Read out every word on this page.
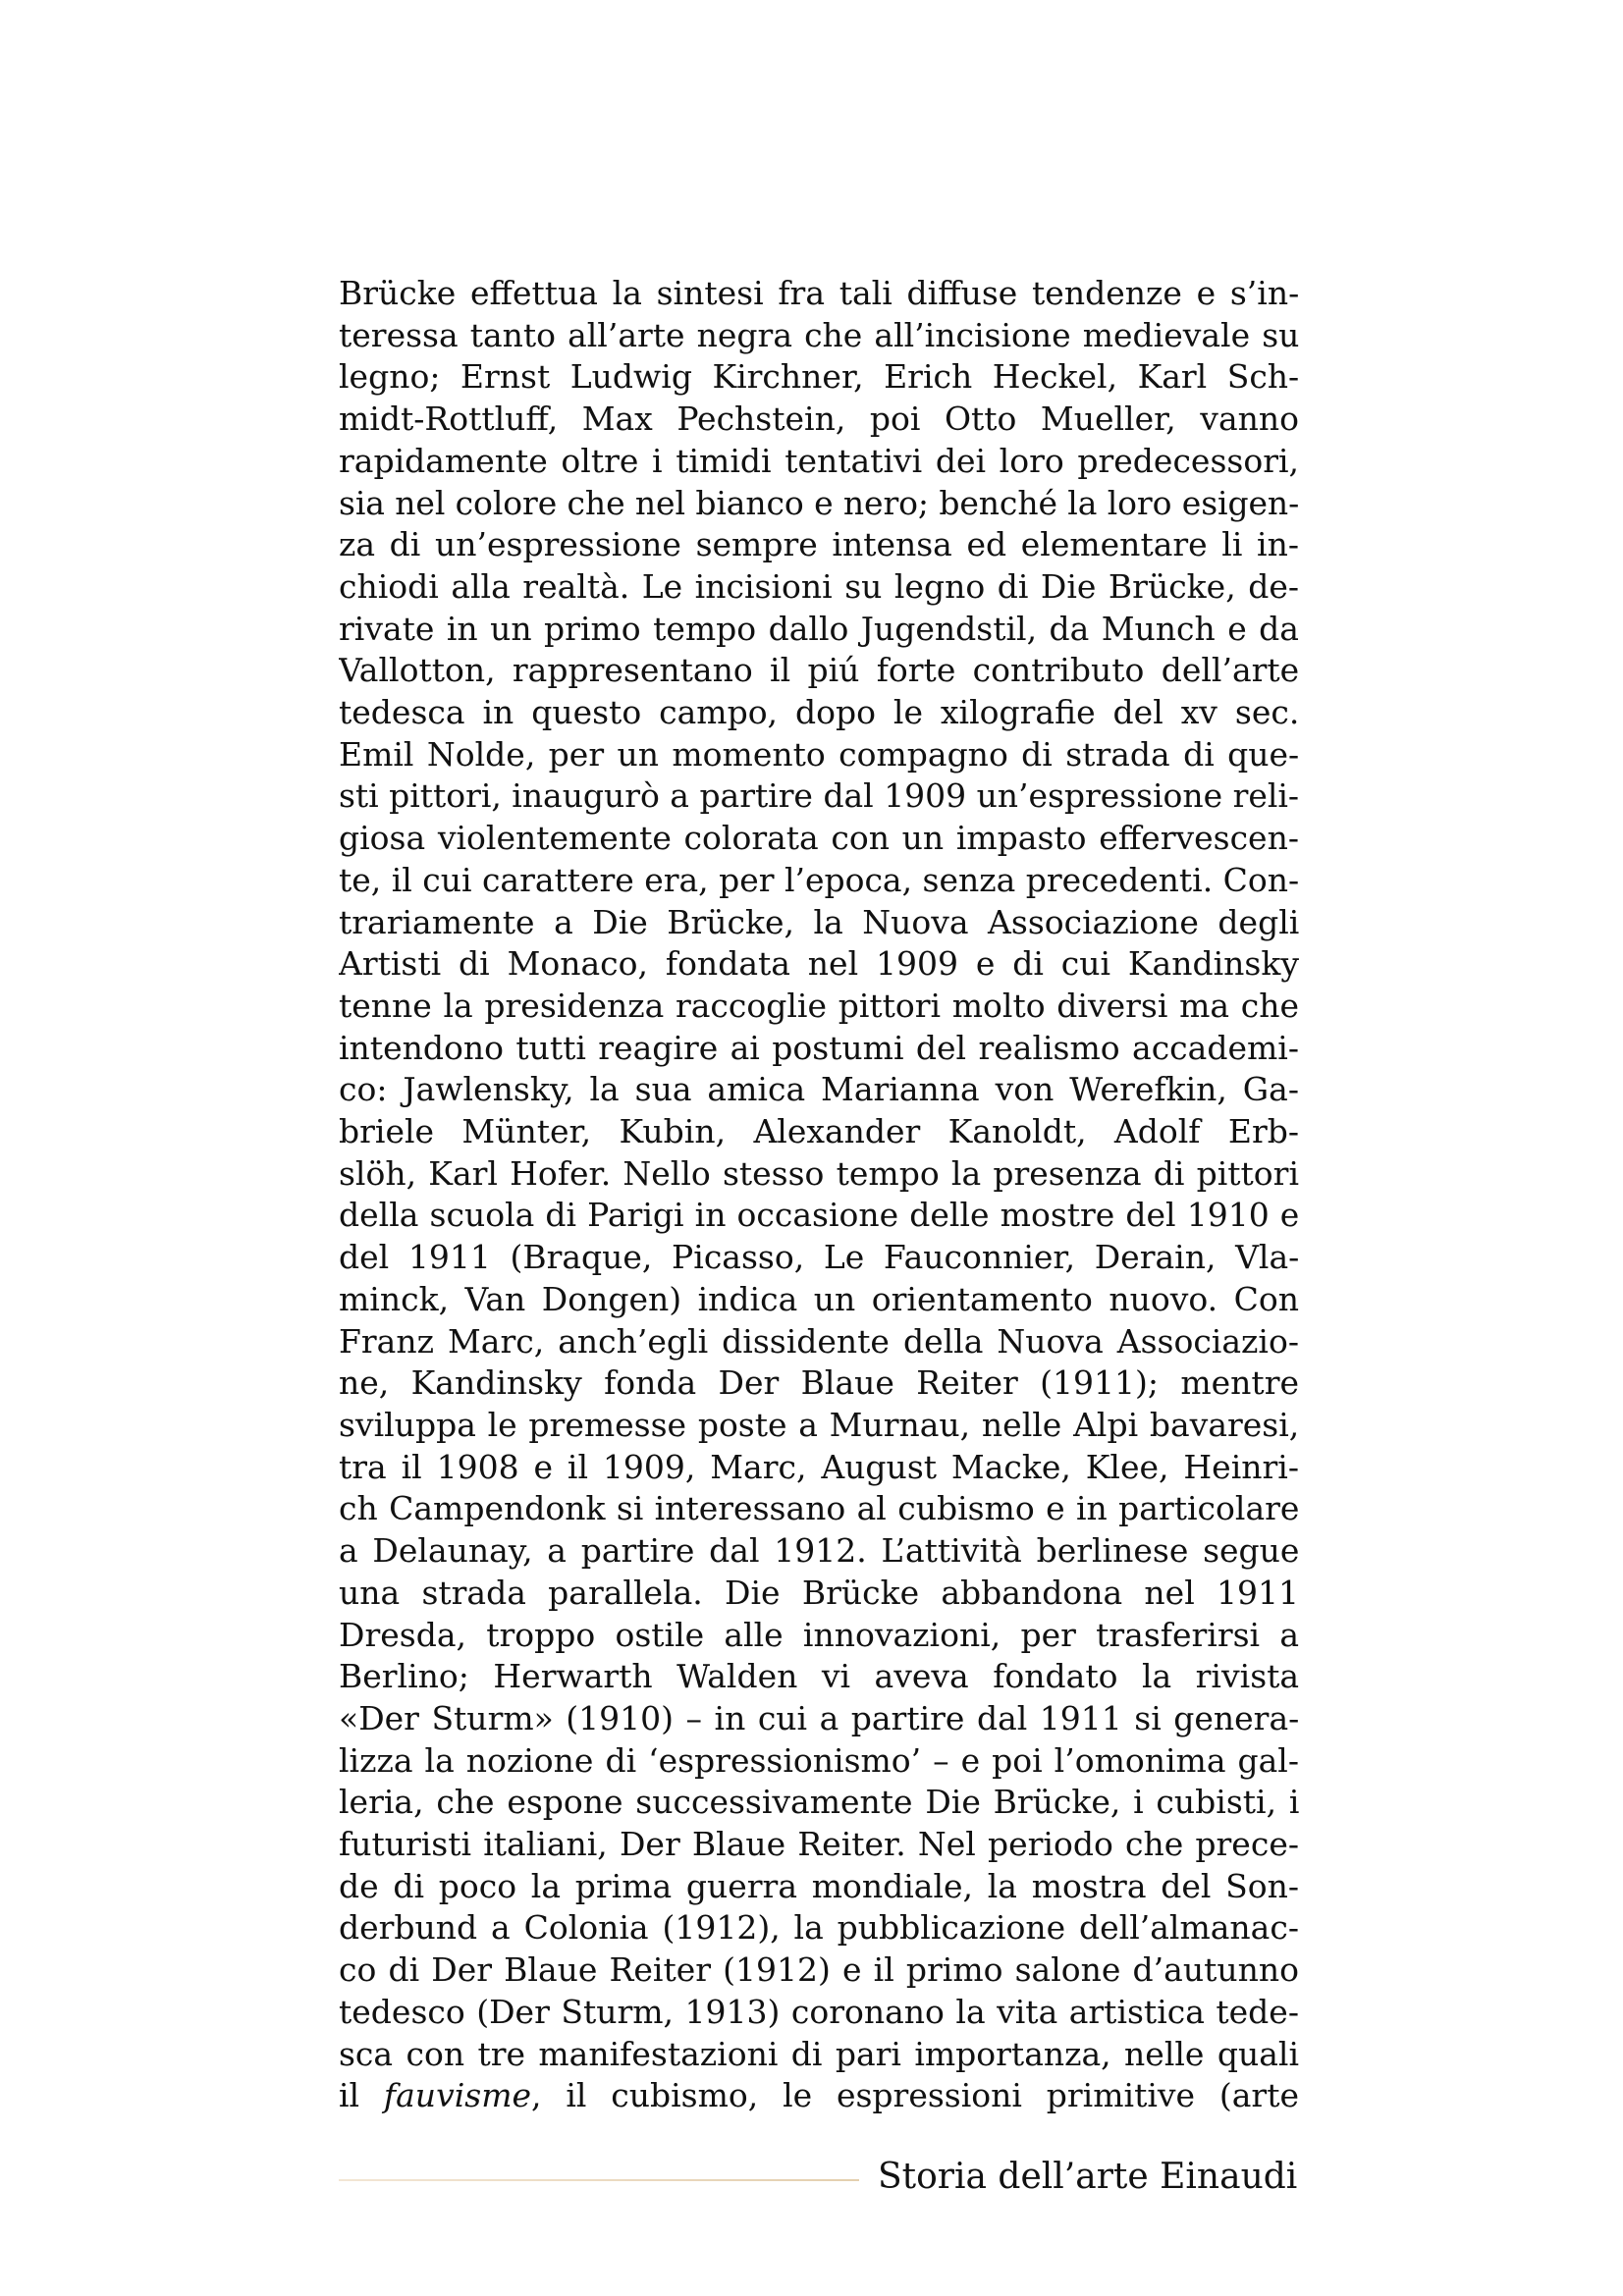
Brücke effettua la sintesi fra tali diffuse tendenze e s’in-
teressa tanto all’arte negra che all’incisione medievale su
legno; Ernst Ludwig Kirchner, Erich Heckel, Karl Sch-
midt-Rottluff, Max Pechstein, poi Otto Mueller, vanno
rapidamente oltre i timidi tentativi dei loro predecessori,
sia nel colore che nel bianco e nero; benché la loro esigen-
za di un’espressione sempre intensa ed elementare li in-
chiodi alla realtà. Le incisioni su legno di Die Brücke, de-
rivate in un primo tempo dallo Jugendstil, da Munch e da
Vallotton, rappresentano il piú forte contributo dell’arte
tedesca in questo campo, dopo le xilografie del xv sec.
Emil Nolde, per un momento compagno di strada di que-
sti pittori, inaugurò a partire dal 1909 un’espressione reli-
giosa violentemente colorata con un impasto effervescen-
te, il cui carattere era, per l’epoca, senza precedenti. Con-
trariamente a Die Brücke, la Nuova Associazione degli
Artisti di Monaco, fondata nel 1909 e di cui Kandinsky
tenne la presidenza raccoglie pittori molto diversi ma che
intendono tutti reagire ai postumi del realismo accademi-
co: Jawlensky, la sua amica Marianna von Werefkin, Ga-
briele Münter, Kubin, Alexander Kanoldt, Adolf Erb-
slöh, Karl Hofer. Nello stesso tempo la presenza di pittori
della scuola di Parigi in occasione delle mostre del 1910 e
del 1911 (Braque, Picasso, Le Fauconnier, Derain, Vla-
minck, Van Dongen) indica un orientamento nuovo. Con
Franz Marc, anch’egli dissidente della Nuova Associazio-
ne, Kandinsky fonda Der Blaue Reiter (1911); mentre
sviluppa le premesse poste a Murnau, nelle Alpi bavaresi,
tra il 1908 e il 1909, Marc, August Macke, Klee, Heinri-
ch Campendonk si interessano al cubismo e in particolare
a Delaunay, a partire dal 1912. L’attività berlinese segue
una strada parallela. Die Brücke abbandona nel 1911
Dresda, troppo ostile alle innovazioni, per trasferirsi a
Berlino; Herwarth Walden vi aveva fondato la rivista
«Der Sturm» (1910) – in cui a partire dal 1911 si genera-
lizza la nozione di ‘espressionismo’ – e poi l’omonima gal-
leria, che espone successivamente Die Brücke, i cubisti, i
futuristi italiani, Der Blaue Reiter. Nel periodo che prece-
de di poco la prima guerra mondiale, la mostra del Son-
derbund a Colonia (1912), la pubblicazione dell’almanac-
co di Der Blaue Reiter (1912) e il primo salone d’autunno
tedesco (Der Sturm, 1913) coronano la vita artistica tede-
sca con tre manifestazioni di pari importanza, nelle quali
il fauvisme, il cubismo, le espressioni primitive (arte
Storia dell’arte Einaudi
